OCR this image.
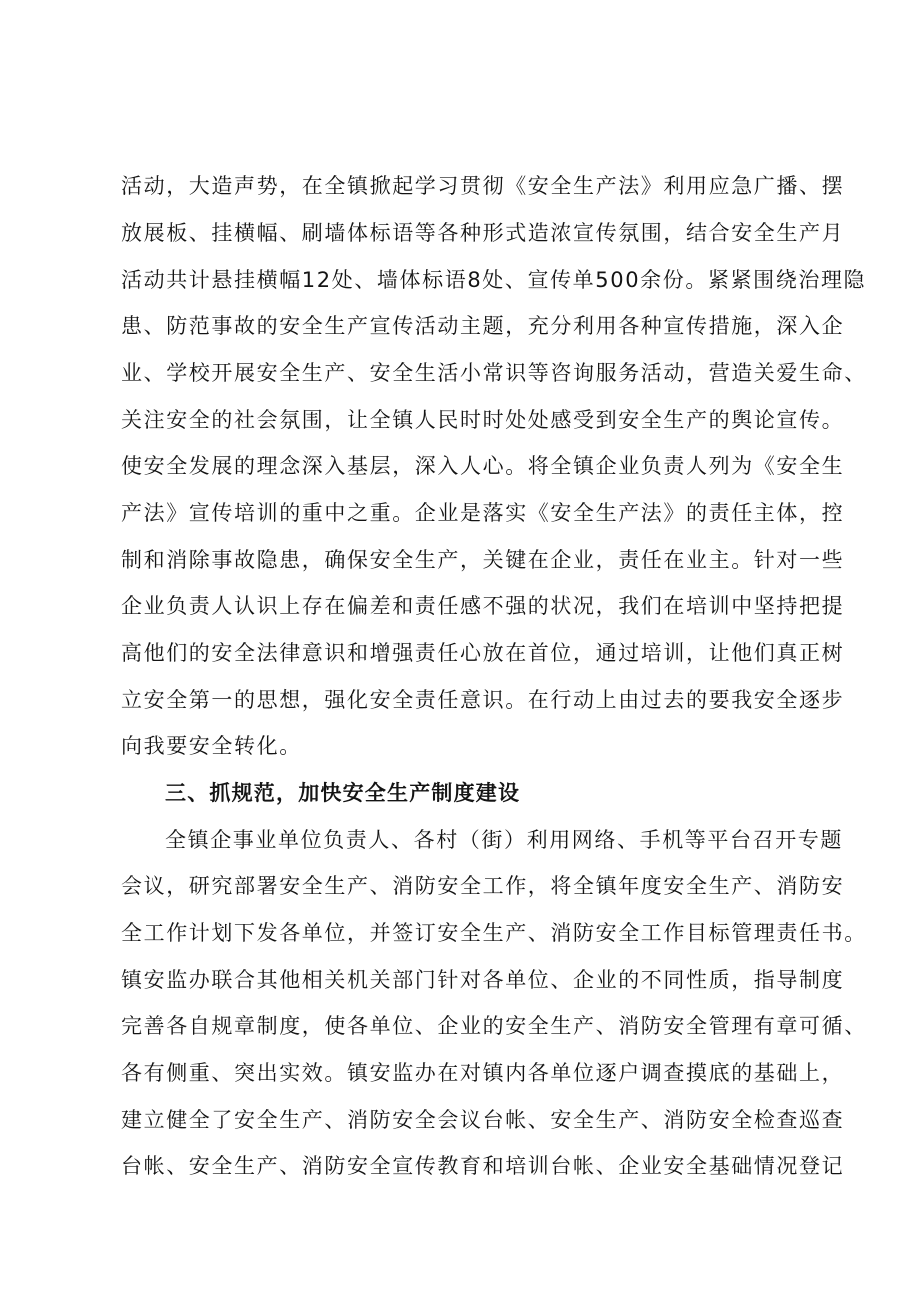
活动，大造声势，在全镇掀起学习贯彻《安全生产法》利用应急广播、摆
放展板、挂横幅、刷墙体标语等各种形式造浓宣传氛围，结合安全生产月
活动共计悬挂横幅12处、墙体标语8处、宣传单500余份。紧紧围绕治理隐
患、防范事故的安全生产宣传活动主题，充分利用各种宣传措施，深入企
业、学校开展安全生产、安全生活小常识等咨询服务活动，营造关爱生命、
关注安全的社会氛围，让全镇人民时时处处感受到安全生产的舆论宣传。
使安全发展的理念深入基层，深入人心。将全镇企业负责人列为《安全生
产法》宣传培训的重中之重。企业是落实《安全生产法》的责任主体，控
制和消除事故隐患，确保安全生产，关键在企业，责任在业主。针对一些
企业负责人认识上存在偏差和责任感不强的状况，我们在培训中坚持把提
高他们的安全法律意识和增强责任心放在首位，通过培训，让他们真正树
立安全第一的思想，强化安全责任意识。在行动上由过去的要我安全逐步
向我要安全转化。
三、抓规范，加快安全生产制度建设
全镇企事业单位负责人、各村（街）利用网络、手机等平台召开专题
会议，研究部署安全生产、消防安全工作，将全镇年度安全生产、消防安
全工作计划下发各单位，并签订安全生产、消防安全工作目标管理责任书。
镇安监办联合其他相关机关部门针对各单位、企业的不同性质，指导制度
完善各自规章制度，使各单位、企业的安全生产、消防安全管理有章可循、
各有侧重、突出实效。镇安监办在对镇内各单位逐户调查摸底的基础上，
建立健全了安全生产、消防安全会议台帐、安全生产、消防安全检查巡查
台帐、安全生产、消防安全宣传教育和培训台帐、企业安全基础情况登记
